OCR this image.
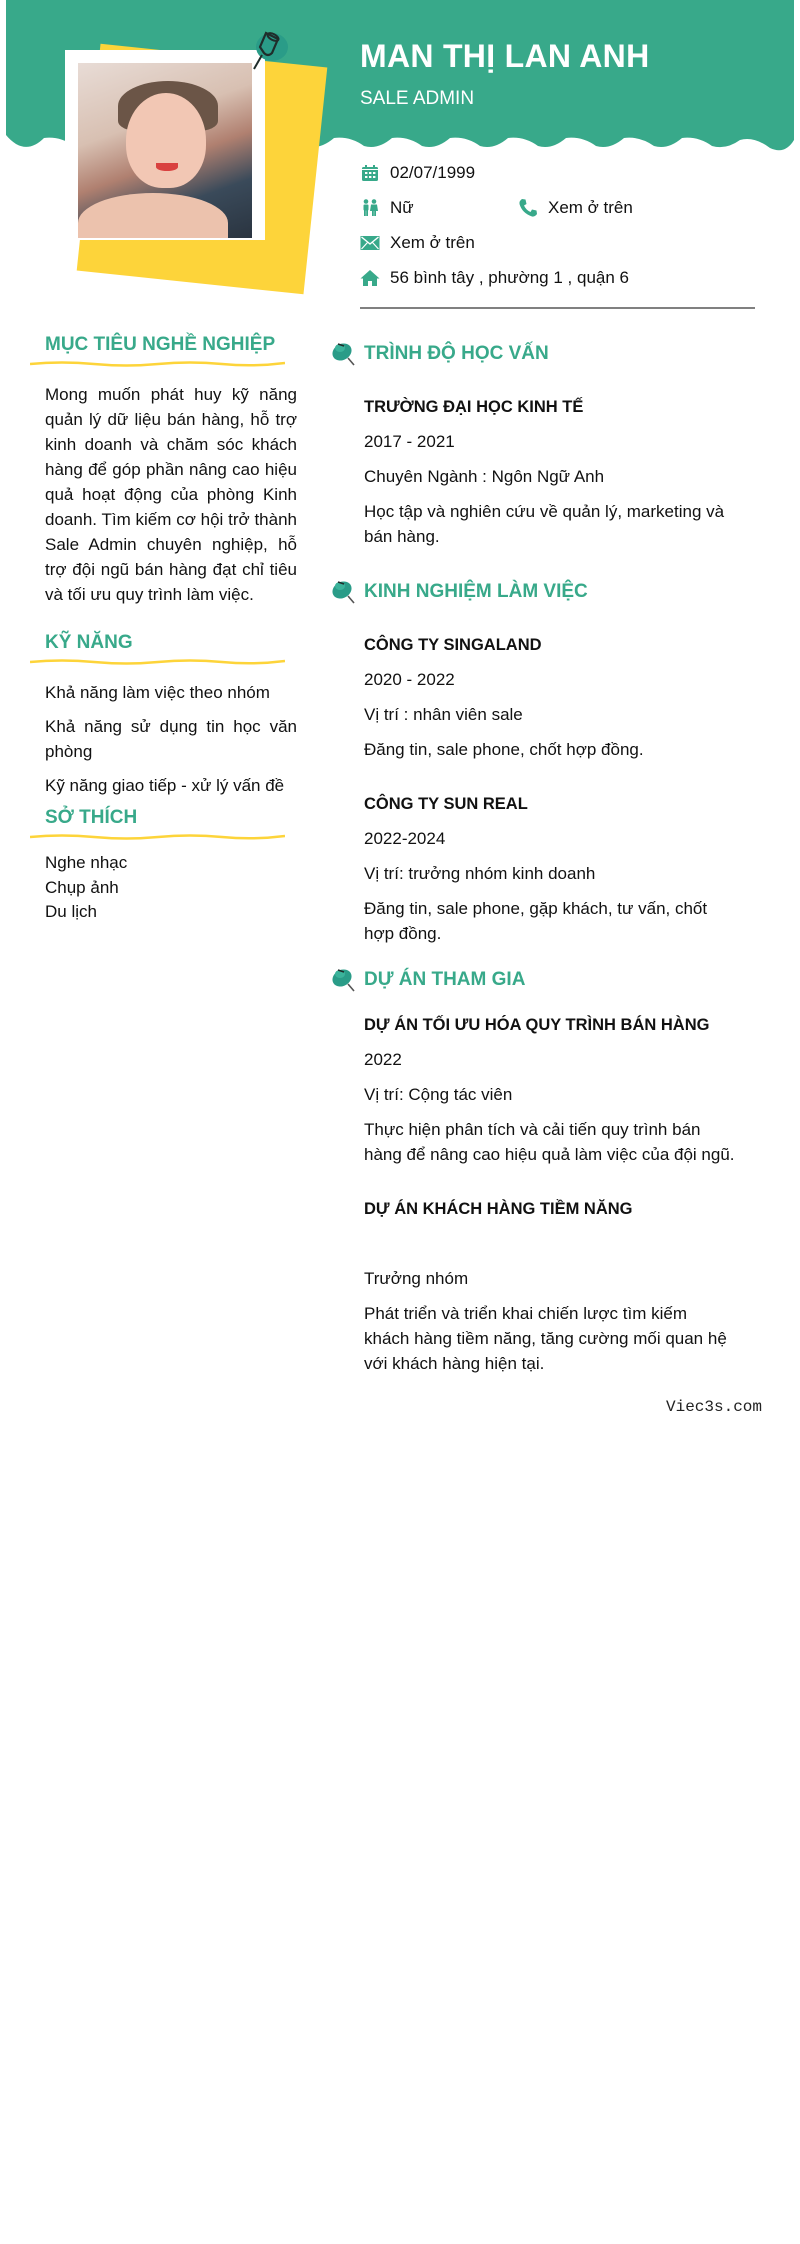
MAN THỊ LAN ANH
SALE ADMIN
02/07/1999
Nữ	Xem ở trên
Xem ở trên
56 bình tây , phường 1 , quận 6
MỤC TIÊU NGHỀ NGHIỆP
Mong muốn phát huy kỹ năng quản lý dữ liệu bán hàng, hỗ trợ kinh doanh và chăm sóc khách hàng để góp phần nâng cao hiệu quả hoạt động của phòng Kinh doanh. Tìm kiếm cơ hội trở thành Sale Admin chuyên nghiệp, hỗ trợ đội ngũ bán hàng đạt chỉ tiêu và tối ưu quy trình làm việc.
KỸ NĂNG
Khả năng làm việc theo nhóm
Khả năng sử dụng tin học văn phòng
Kỹ năng giao tiếp - xử lý vấn đề
SỞ THÍCH
Nghe nhạc
Chụp ảnh
Du lịch
TRÌNH ĐỘ HỌC VẤN
TRƯỜNG ĐẠI HỌC KINH TẾ
2017 - 2021
Chuyên Ngành : Ngôn Ngữ Anh
Học tập và nghiên cứu về quản lý, marketing và
bán hàng.
KINH NGHIỆM LÀM VIỆC
CÔNG TY SINGALAND
2020 - 2022
Vị trí : nhân viên sale
Đăng tin, sale phone, chốt hợp đồng.
CÔNG TY SUN REAL
2022-2024
Vị trí: trưởng nhóm kinh doanh
Đăng tin, sale phone, gặp khách, tư vấn, chốt
hợp đồng.
DỰ ÁN THAM GIA
DỰ ÁN TỐI ƯU HÓA QUY TRÌNH BÁN HÀNG
2022
Vị trí: Cộng tác viên
Thực hiện phân tích và cải tiến quy trình bán
hàng để nâng cao hiệu quả làm việc của đội ngũ.
DỰ ÁN KHÁCH HÀNG TIỀM NĂNG
Trưởng nhóm
Phát triển và triển khai chiến lược tìm kiếm
khách hàng tiềm năng, tăng cường mối quan hệ
với khách hàng hiện tại.
Viec3s.com
